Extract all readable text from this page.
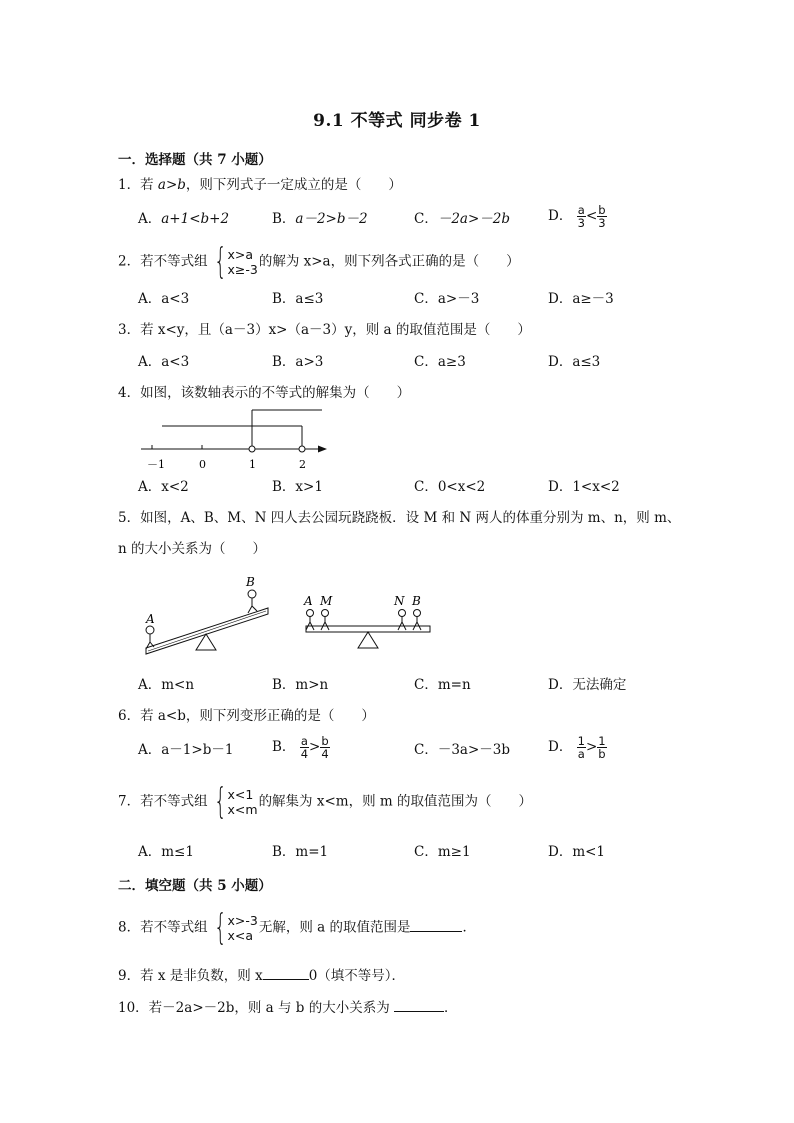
9.1 不等式 同步卷 1
一．选择题（共 7 小题）
1．若 a>b，则下列式子一定成立的是（　　）
A．a+1<b+2	B．a－2>b－2	C．－2a>－2b	D． $\frac{a}{3} < \frac{b}{3}$
2．若不等式组 { x>a
x≥-3 的解为 x>a，则下列各式正确的是（　　）
A．a<3	B．a≤3	C．a>－3	D．a≥－3
3．若 x<y，且（a－3）x>（a－3）y，则 a 的取值范围是（　　）
A．a<3	B．a>3	C．a≥3	D．a≤3
4．如图，该数轴表示的不等式的解集为（　　）
－1	0	1	2
A．x<2	B．x>1	C．0<x<2	D．1<x<2
5．如图，A、B、M、N 四人去公园玩跷跷板．设 M 和 N 两人的体重分别为 m、n，则 m、
n 的大小关系为（　　）
A
B
A M	N B
A．m<n	B．m>n	C．m=n	D．无法确定
6．若 a<b，则下列变形正确的是（　　）
A．a－1>b－1	B． $\frac{a}{4} > \frac{b}{4}$	C．－3a>－3b	D． $\frac{1}{a} > \frac{1}{b}$
7．若不等式组 { x<1
x<m 的解集为 x<m，则 m 的取值范围为（　　）
A．m≤1	B．m=1	C．m≥1	D．m<1
二．填空题（共 5 小题）
8．若不等式组 { x>-3
x<a 无解，则 a 的取值范围是	．
9．若 x 是非负数，则 x	0（填不等号）．
10．若－2a>－2b，则 a 与 b 的大小关系为	．
